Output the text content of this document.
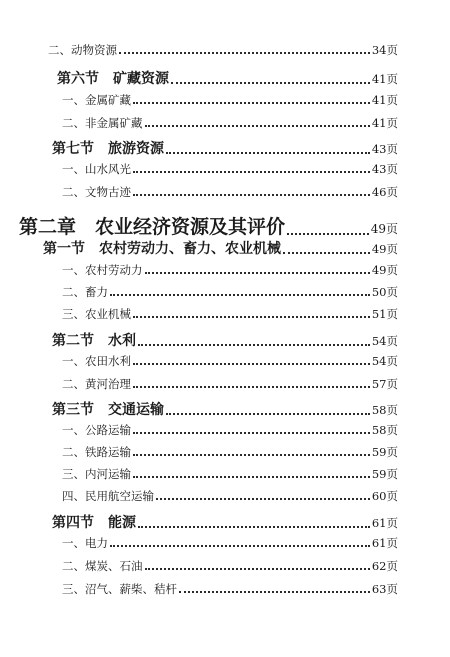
二、动物资源	34页
第六节　矿藏资源	41页
一、金属矿藏	41页
二、非金属矿藏	41页
第七节　旅游资源	43页
一、山水风光	43页
二、文物古迹	46页
第二章　农业经济资源及其评价	49页
第一节　农村劳动力、畜力、农业机械	49页
一、农村劳动力	49页
二、畜力	50页
三、农业机械	51页
第二节　水利	54页
一、农田水利	54页
二、黄河治理	57页
第三节　交通运输	58页
一、公路运输	58页
二、铁路运输	59页
三、内河运输	59页
四、民用航空运输	60页
第四节　能源	61页
一、电力	61页
二、煤炭、石油	62页
三、沼气、薪柴、秸杆	63页
